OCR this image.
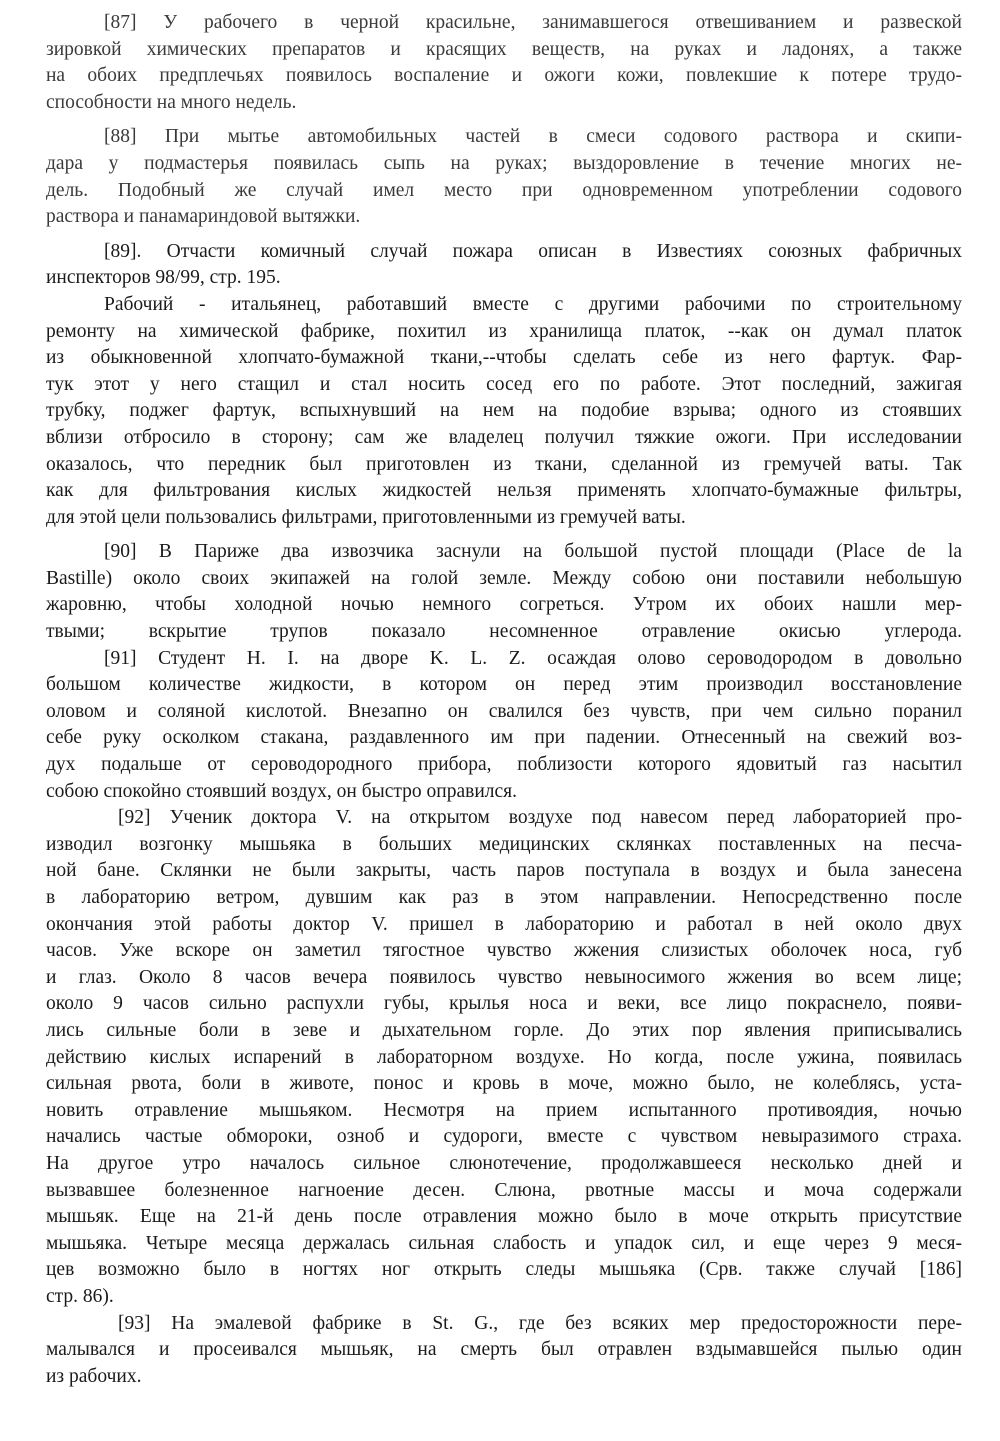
[87] У рабочего в черной красильне, занимавшегося отвешиванием и развеской
зировкой химических препаратов и красящих веществ, на руках и ладонях, а также
на обоих предплечьях появилось воспаление и ожоги кожи, повлекшие к потере трудо-
способности на много недель.
[88] При мытье автомобильных частей в смеси содового раствора и скипи-
дара у подмастерья появилась сыпь на руках; выздоровление в течение многих не-
дель. Подобный же случай имел место при одновременном употреблении содового
раствора и панамариндовой вытяжки.
[89]. Отчасти комичный случай пожара описан в Известиях союзных фабричных
инспекторов 98/99, стр. 195.
Рабочий - итальянец, работавший вместе с другими рабочими по строительному
ремонту на химической фабрике, похитил из хранилища платок, --как он думал платок
из обыкновенной хлопчато-бумажной ткани,--чтобы сделать себе из него фартук. Фар-
тук этот у него стащил и стал носить сосед его по работе. Этот последний, зажигая
трубку, поджег фартук, вспыхнувший на нем на подобие взрыва; одного из стоявших
вблизи отбросило в сторону; сам же владелец получил тяжкие ожоги. При исследовании
оказалось, что передник был приготовлен из ткани, сделанной из гремучей ваты. Так
как для фильтрования кислых жидкостей нельзя применять хлопчато-бумажные фильтры,
для этой цели пользовались фильтрами, приготовленными из гремучей ваты.
[90] В Париже два извозчика заснули на большой пустой площади (Place de la
Bastille) около своих экипажей на голой земле. Между собою они поставили небольшую
жаровню, чтобы холодной ночью немного согреться. Утром их обоих нашли мер-
твыми; вскрытие трупов показало несомненное отравление окисью углерода.
[91] Студент Н. I. на дворе K. L. Z. осаждая олово сероводородом в довольно
большом количестве жидкости, в котором он перед этим производил восстановление
оловом и соляной кислотой. Внезапно он свалился без чувств, при чем сильно поранил
себе руку осколком стакана, раздавленного им при падении. Отнесенный на свежий воз-
дух подальше от сероводородного прибора, поблизости которого ядовитый газ насытил
собою спокойно стоявший воздух, он быстро оправился.
[92] Ученик доктора V. на открытом воздухе под навесом перед лабораторией про-
изводил возгонку мышьяка в больших медицинских склянках поставленных на песча-
ной бане. Склянки не были закрыты, часть паров поступала в воздух и была занесена
в лабораторию ветром, дувшим как раз в этом направлении. Непосредственно после
окончания этой работы доктор V. пришел в лабораторию и работал в ней около двух
часов. Уже вскоре он заметил тягостное чувство жжения слизистых оболочек носа, губ
и глаз. Около 8 часов вечера появилось чувство невыносимого жжения во всем лице;
около 9 часов сильно распухли губы, крылья носа и веки, все лицо покраснело, появи-
лись сильные боли в зеве и дыхательном горле. До этих пор явления приписывались
действию кислых испарений в лабораторном воздухе. Но когда, после ужина, появилась
сильная рвота, боли в животе, понос и кровь в моче, можно было, не колеблясь, уста-
новить отравление мышьяком. Несмотря на прием испытанного противоядия, ночью
начались частые обмороки, озноб и судороги, вместе с чувством невыразимого страха.
На другое утро началось сильное слюнотечение, продолжавшееся несколько дней и
вызвавшее болезненное нагноение десен. Слюна, рвотные массы и моча содержали
мышьяк. Еще на 21-й день после отравления можно было в моче открыть присутствие
мышьяка. Четыре месяца держалась сильная слабость и упадок сил, и еще через 9 меся-
цев возможно было в ногтях ног открыть следы мышьяка (Срв. также случай [186]
стр. 86).
[93] На эмалевой фабрике в St. G., где без всяких мер предосторожности пере-
малывался и просеивался мышьяк, на смерть был отравлен вздымавшейся пылью один
из рабочих.
